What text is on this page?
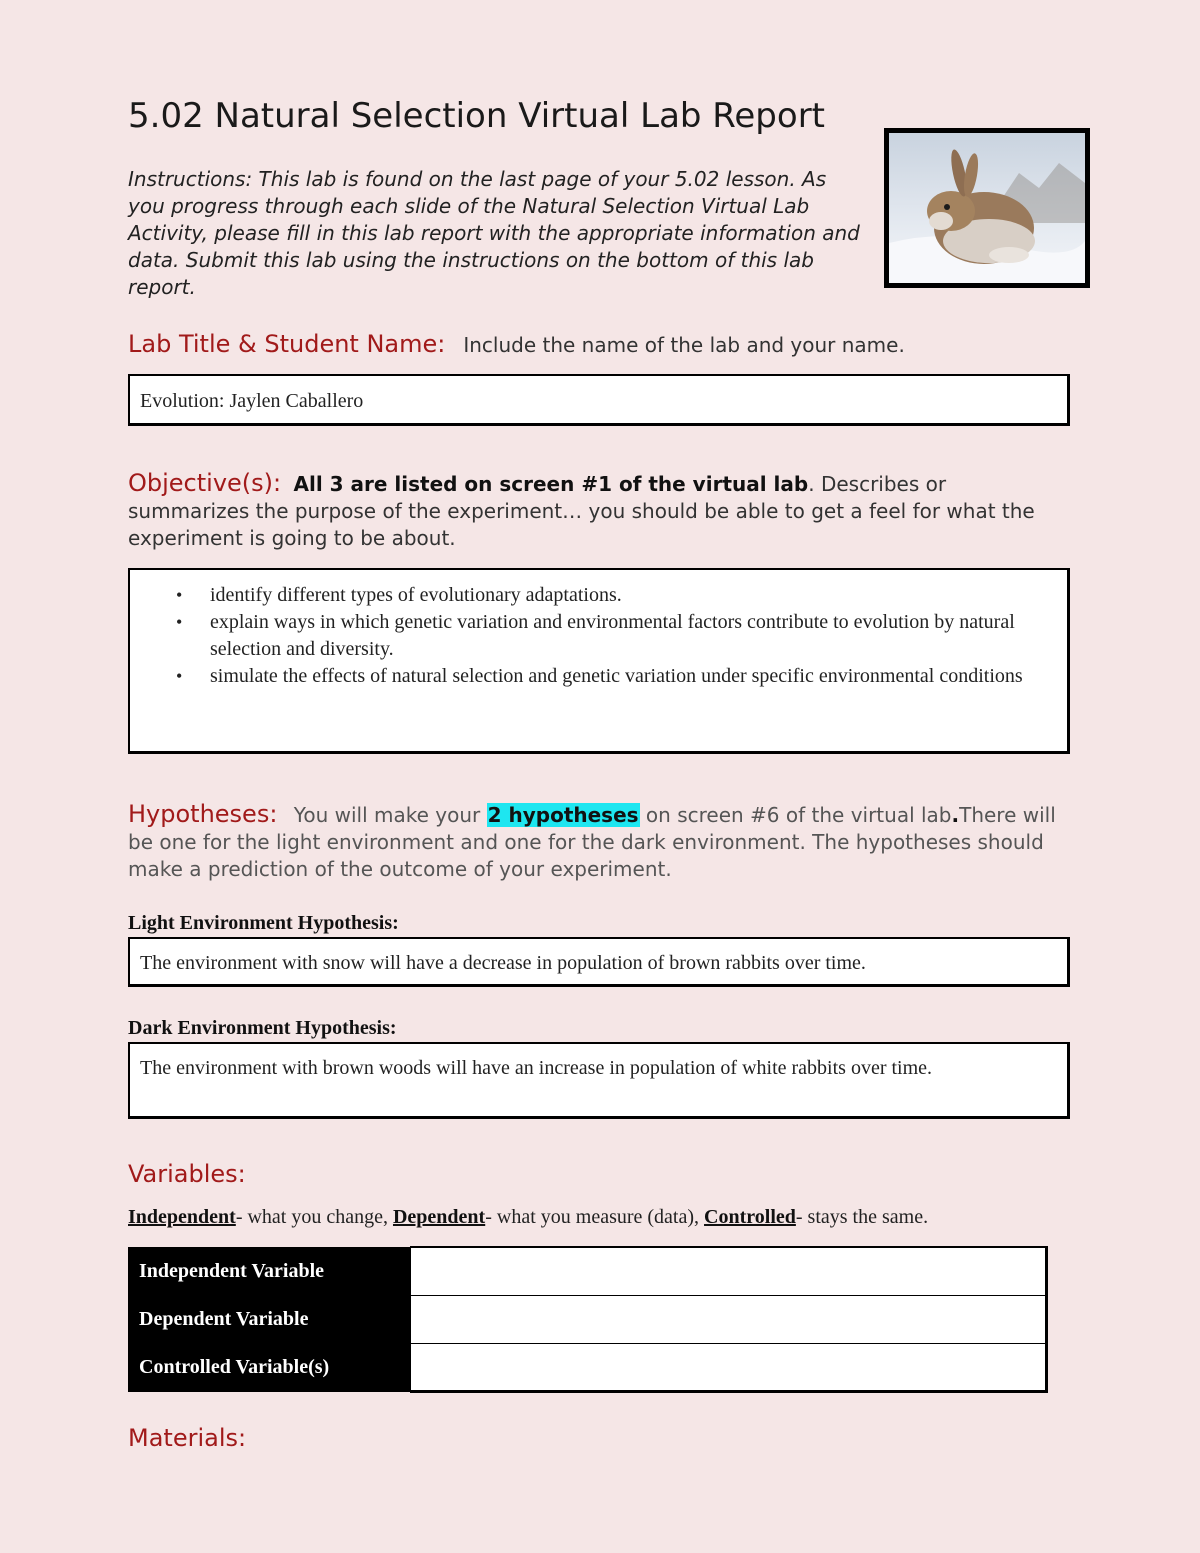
5.02 Natural Selection Virtual Lab Report
Instructions: This lab is found on the last page of your 5.02 lesson. As you progress through each slide of the Natural Selection Virtual Lab Activity, please fill in this lab report with the appropriate information and data. Submit this lab using the instructions on the bottom of this lab report.
Lab Title & Student Name: Include the name of the lab and your name.
Evolution: Jaylen Caballero
Objective(s): All 3 are listed on screen #1 of the virtual lab. Describes or summarizes the purpose of the experiment… you should be able to get a feel for what the experiment is going to be about.
• identify different types of evolutionary adaptations.
• explain ways in which genetic variation and environmental factors contribute to evolution by natural selection and diversity.
• simulate the effects of natural selection and genetic variation under specific environmental conditions
Hypotheses: You will make your 2 hypotheses on screen #6 of the virtual lab.There will be one for the light environment and one for the dark environment. The hypotheses should make a prediction of the outcome of your experiment.
Light Environment Hypothesis:
The environment with snow will have a decrease in population of brown rabbits over time.
Dark Environment Hypothesis:
The environment with brown woods will have an increase in population of white rabbits over time.
Variables:
Independent- what you change, Dependent- what you measure (data), Controlled- stays the same.
Independent Variable	
Dependent Variable	
Controlled Variable(s)	
Materials:
